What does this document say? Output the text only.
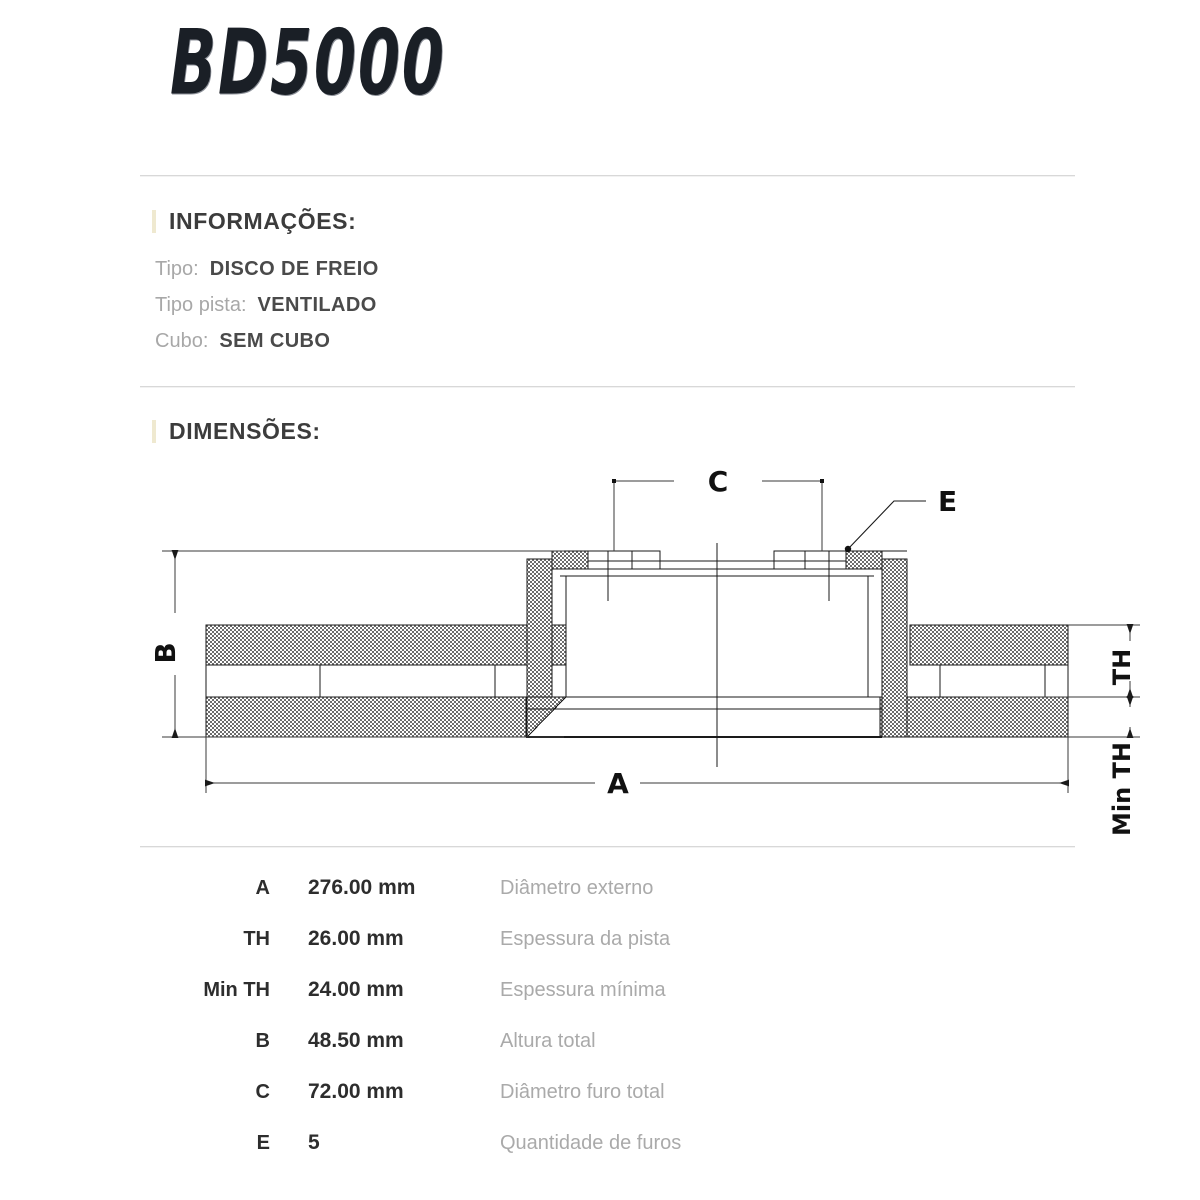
BD5000
INFORMAÇÕES:
Tipo: DISCO DE FREIO
Tipo pista: VENTILADO
Cubo: SEM CUBO
DIMENSÕES:
C
E
B
A
TH
Min TH
A	276.00 mm	Diâmetro externo
TH	26.00 mm	Espessura da pista
Min TH	24.00 mm	Espessura mínima
B	48.50 mm	Altura total
C	72.00 mm	Diâmetro furo total
E	5	Quantidade de furos
